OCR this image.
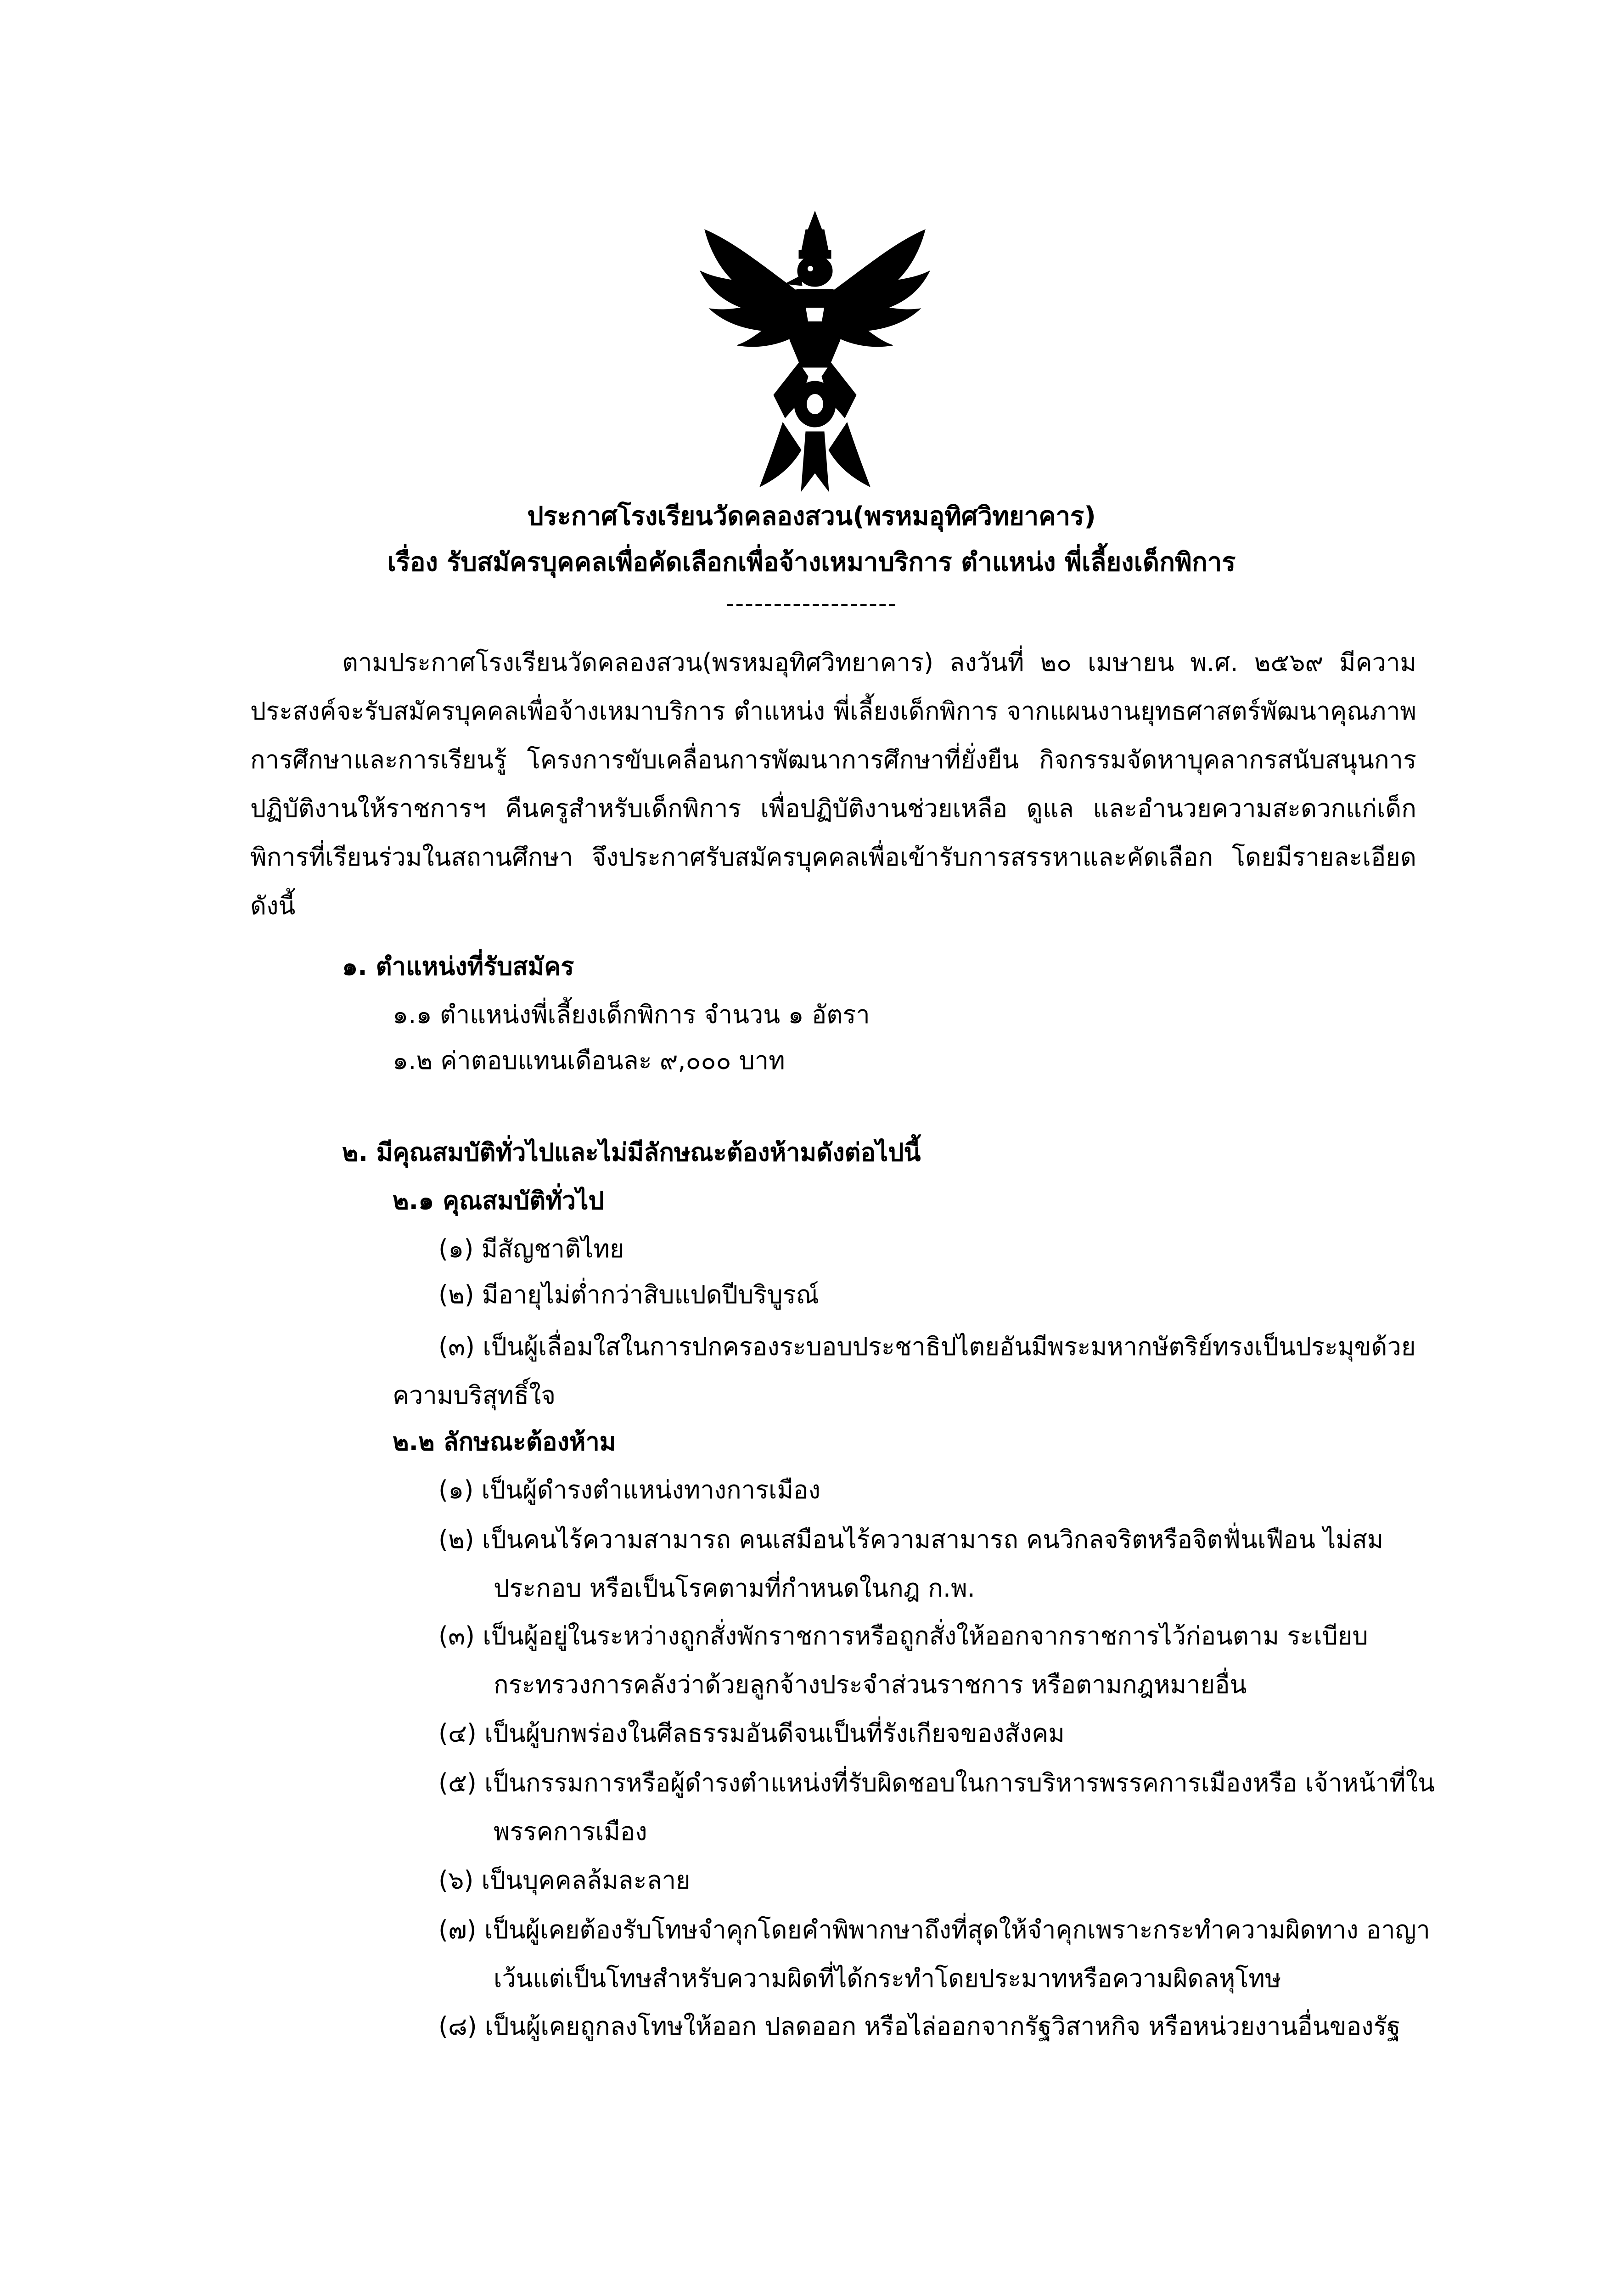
ประกาศโรงเรียนวัดคลองสวน(พรหมอุทิศวิทยาคาร)
เรื่อง รับสมัครบุคคลเพื่อคัดเลือกเพื่อจ้างเหมาบริการ ตำแหน่ง พี่เลี้ยงเด็กพิการ
------------------

ตามประกาศโรงเรียนวัดคลองสวน(พรหมอุทิศวิทยาคาร) ลงวันที่ ๒๐ เมษายน พ.ศ. ๒๕๖๙ มีความประสงค์จะรับสมัครบุคคลเพื่อจ้างเหมาบริการ ตำแหน่ง พี่เลี้ยงเด็กพิการ จากแผนงานยุทธศาสตร์พัฒนาคุณภาพการศึกษาและการเรียนรู้ โครงการขับเคลื่อนการพัฒนาการศึกษาที่ยั่งยืน กิจกรรมจัดหาบุคลากรสนับสนุนการปฏิบัติงานให้ราชการฯ คืนครูสำหรับเด็กพิการ เพื่อปฏิบัติงานช่วยเหลือ ดูแล และอำนวยความสะดวกแก่เด็กพิการที่เรียนร่วมในสถานศึกษา จึงประกาศรับสมัครบุคคลเพื่อเข้ารับการสรรหาและคัดเลือก โดยมีรายละเอียด ดังนี้

๑. ตำแหน่งที่รับสมัคร
๑.๑ ตำแหน่งพี่เลี้ยงเด็กพิการ จำนวน ๑ อัตรา
๑.๒ ค่าตอบแทนเดือนละ ๙,๐๐๐ บาท
๒. มีคุณสมบัติทั่วไปและไม่มีลักษณะต้องห้ามดังต่อไปนี้
๒.๑ คุณสมบัติทั่วไป
(๑) มีสัญชาติไทย
(๒) มีอายุไม่ต่ำกว่าสิบแปดปีบริบูรณ์
(๓) เป็นผู้เลื่อมใสในการปกครองระบอบประชาธิปไตยอันมีพระมหากษัตริย์ทรงเป็นประมุขด้วยความบริสุทธิ์ใจ
๒.๒ ลักษณะต้องห้าม
(๑) เป็นผู้ดำรงตำแหน่งทางการเมือง
(๒) เป็นคนไร้ความสามารถ คนเสมือนไร้ความสามารถ คนวิกลจริตหรือจิตฟั่นเฟือน ไม่สมประกอบ หรือเป็นโรคตามที่กำหนดในกฎ ก.พ.
(๓) เป็นผู้อยู่ในระหว่างถูกสั่งพักราชการหรือถูกสั่งให้ออกจากราชการไว้ก่อนตาม ระเบียบกระทรวงการคลังว่าด้วยลูกจ้างประจำส่วนราชการ หรือตามกฎหมายอื่น
(๔) เป็นผู้บกพร่องในศีลธรรมอันดีจนเป็นที่รังเกียจของสังคม
(๕) เป็นกรรมการหรือผู้ดำรงตำแหน่งที่รับผิดชอบในการบริหารพรรคการเมืองหรือ เจ้าหน้าที่ในพรรคการเมือง
(๖) เป็นบุคคลล้มละลาย
(๗) เป็นผู้เคยต้องรับโทษจำคุกโดยคำพิพากษาถึงที่สุดให้จำคุกเพราะกระทำความผิดทาง อาญาเว้นแต่เป็นโทษสำหรับความผิดที่ได้กระทำโดยประมาทหรือความผิดลหุโทษ
(๘) เป็นผู้เคยถูกลงโทษให้ออก ปลดออก หรือไล่ออกจากรัฐวิสาหกิจ หรือหน่วยงานอื่นของรัฐ
